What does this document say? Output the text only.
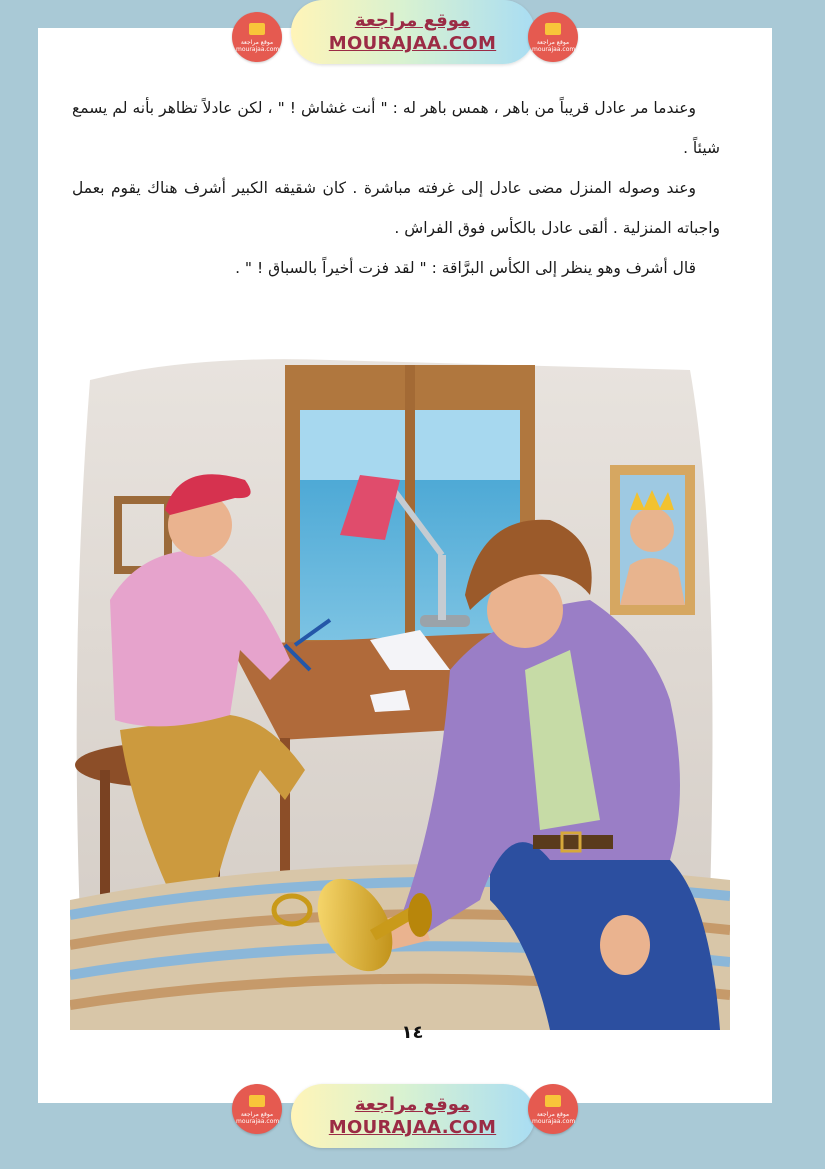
موقع مراجعة mourajaa.com
موقع مراجعة
MOURAJAA.COM	موقع مراجعة mourajaa.com

وعندما مر عادل قريباً من باهر ، همس باهر له : " أنت غشاش ! " ، لكن عادلاً تظاهر بأنه لم يسمع شيئاً .

وعند وصوله المنزل مضى عادل إلى غرفته مباشرة . كان شقيقه الكبير أشرف هناك يقوم بعمل واجباته المنزلية . ألقى عادل بالكأس فوق الفراش .

قال أشرف وهو ينظر إلى الكأس البرَّاقة : " لقد فزت أخيراً بالسباق ! " .

١٤
موقع مراجعة mourajaa.com
موقع مراجعة
MOURAJAA.COM
موقع مراجعة mourajaa.com
